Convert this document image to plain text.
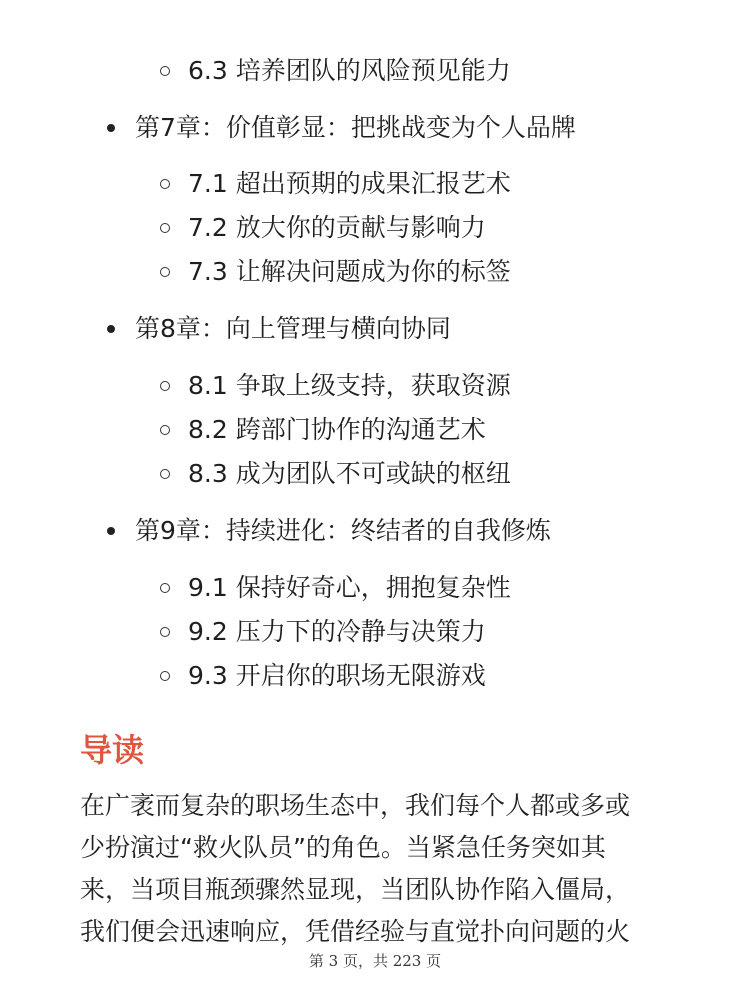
6.3 培养团队的风险预见能力
第7章：价值彰显：把挑战变为个人品牌
7.1 超出预期的成果汇报艺术
7.2 放大你的贡献与影响力
7.3 让解决问题成为你的标签
第8章：向上管理与横向协同
8.1 争取上级支持，获取资源
8.2 跨部门协作的沟通艺术
8.3 成为团队不可或缺的枢纽
第9章：持续进化：终结者的自我修炼
9.1 保持好奇心，拥抱复杂性
9.2 压力下的冷静与决策力
9.3 开启你的职场无限游戏
导读

在广袤而复杂的职场生态中，我们每个人都或多或

少扮演过“救火队员”的角色。当紧急任务突如其

来，当项目瓶颈骤然显现，当团队协作陷入僵局，

我们便会迅速响应，凭借经验与直觉扑向问题的火

第 3 页，共 223 页
